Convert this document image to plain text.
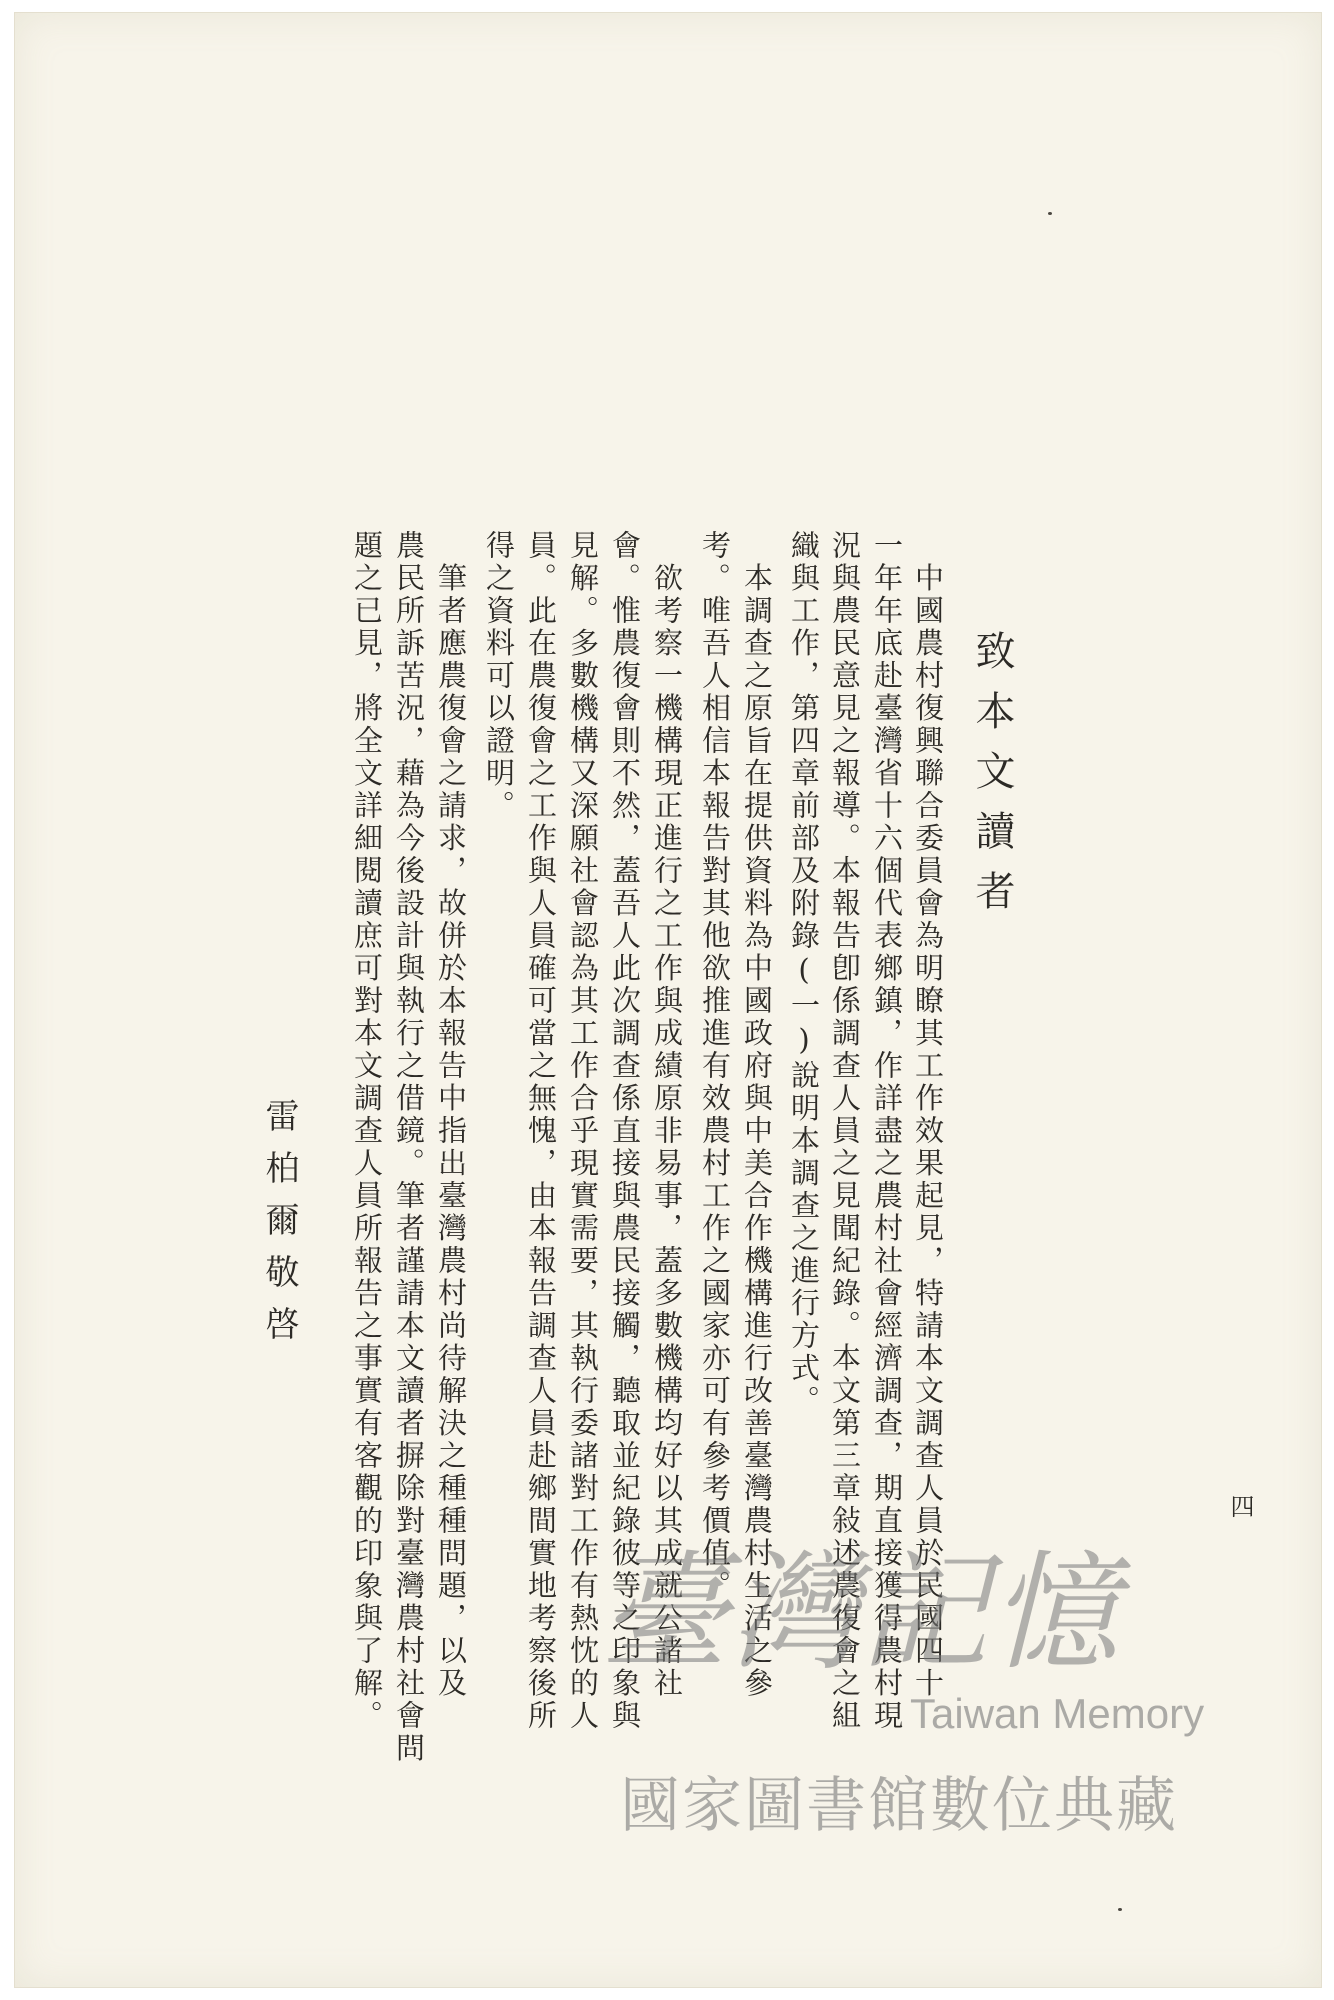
致本文讀者
　中國農村復興聯合委員會為明瞭其工作效果起見，特請本文調查人員於民國四十
一年年底赴臺灣省十六個代表鄉鎮，作詳盡之農村社會經濟調查，期直接獲得農村現
況與農民意見之報導。本報告卽係調查人員之見聞紀錄。本文第三章敍述農復會之組
織與工作，第四章前部及附錄(一)說明本調查之進行方式。
　本調查之原旨在提供資料為中國政府與中美合作機構進行改善臺灣農村生活之參
考。唯吾人相信本報告對其他欲推進有效農村工作之國家亦可有參考價值。
　欲考察一機構現正進行之工作與成績原非易事，蓋多數機構均好以其成就公諸社
會。惟農復會則不然，蓋吾人此次調查係直接與農民接觸，聽取並紀錄彼等之印象與
見解。多數機構又深願社會認為其工作合乎現實需要，其執行委諸對工作有熱忱的人
員。此在農復會之工作與人員確可當之無愧，由本報告調查人員赴鄉間實地考察後所
得之資料可以證明。
　筆者應農復會之請求，故併於本報告中指出臺灣農村尚待解決之種種問題，以及
農民所訴苦況，藉為今後設計與執行之借鏡。筆者謹請本文讀者摒除對臺灣農村社會問
題之已見，將全文詳細閱讀庶可對本文調查人員所報告之事實有客觀的印象與了解。
雷柏爾敬啓
四
臺灣記憶
Taiwan Memory
國家圖書館數位典藏
